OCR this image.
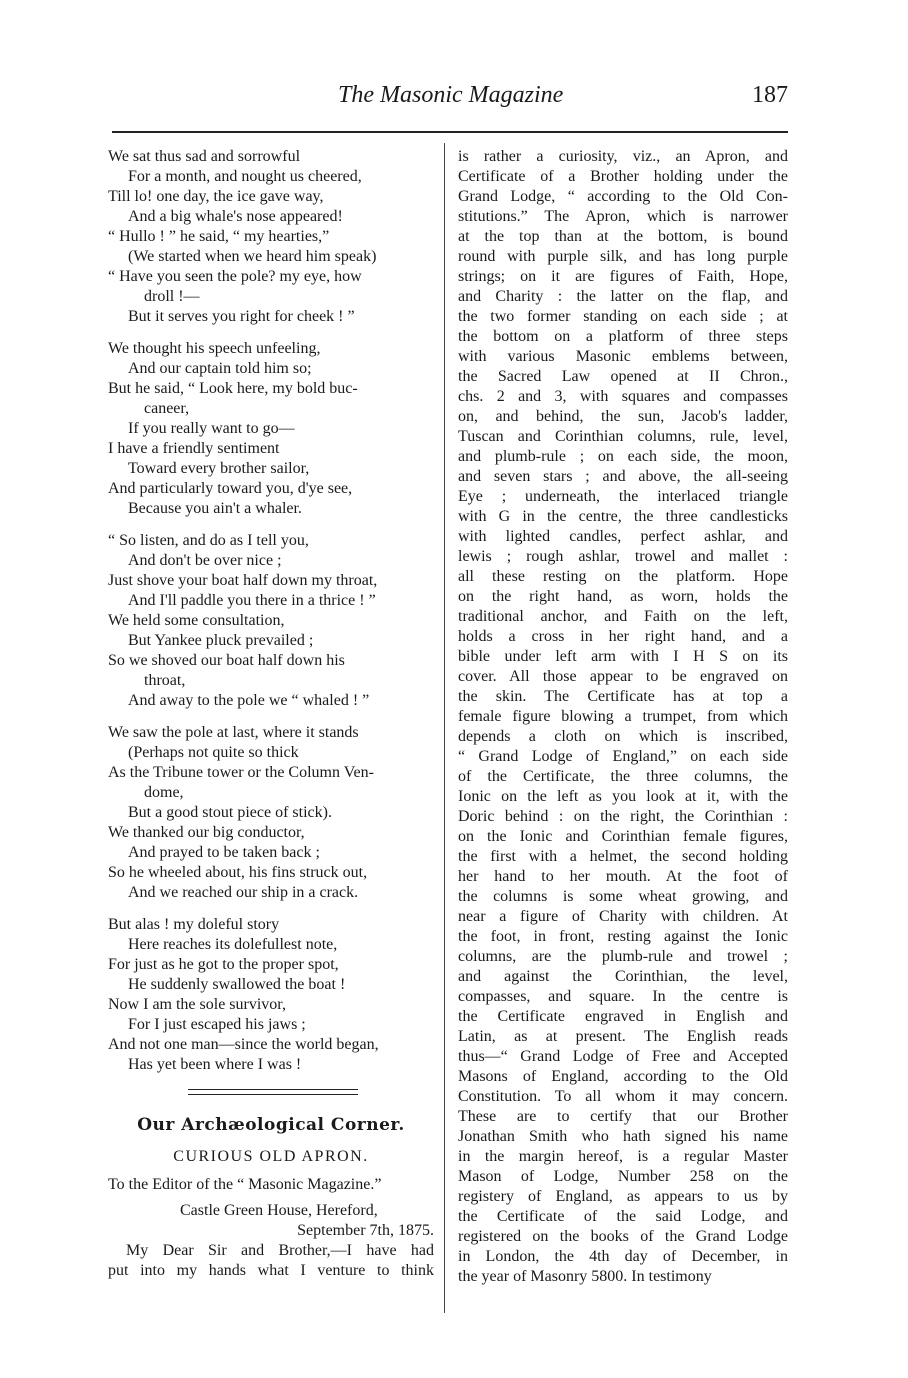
The Masonic Magazine	187
We sat thus sad and sorrowful
For a month, and nought us cheered,
Till lo! one day, the ice gave way,
And a big whale's nose appeared!
“ Hullo ! ” he said, “ my hearties,”
(We started when we heard him speak)
“ Have you seen the pole? my eye, how
droll !—
But it serves you right for cheek ! ”
We thought his speech unfeeling,
And our captain told him so;
But he said, “ Look here, my bold buc-
caneer,
If you really want to go—
I have a friendly sentiment
Toward every brother sailor,
And particularly toward you, d'ye see,
Because you ain't a whaler.
“ So listen, and do as I tell you,
And don't be over nice ;
Just shove your boat half down my throat,
And I'll paddle you there in a thrice ! ”
We held some consultation,
But Yankee pluck prevailed ;
So we shoved our boat half down his
throat,
And away to the pole we “ whaled ! ”
We saw the pole at last, where it stands
(Perhaps not quite so thick
As the Tribune tower or the Column Ven-
dome,
But a good stout piece of stick).
We thanked our big conductor,
And prayed to be taken back ;
So he wheeled about, his fins struck out,
And we reached our ship in a crack.
But alas ! my doleful story
Here reaches its dolefullest note,
For just as he got to the proper spot,
He suddenly swallowed the boat !
Now I am the sole survivor,
For I just escaped his jaws ;
And not one man—since the world began,
Has yet been where I was !
Our Archæological Corner.
CURIOUS OLD APRON.
To the Editor of the “ Masonic Magazine.”
Castle Green House, Hereford,
September 7th, 1875.
My Dear Sir and Brother,—I have had
put into my hands what I venture to think
is rather a curiosity, viz., an Apron, and
Certificate of a Brother holding under the
Grand Lodge, “ according to the Old Con-
stitutions.” The Apron, which is narrower
at the top than at the bottom, is bound
round with purple silk, and has long purple
strings; on it are figures of Faith, Hope,
and Charity : the latter on the flap, and
the two former standing on each side ; at
the bottom on a platform of three steps
with various Masonic emblems between,
the Sacred Law opened at II Chron.,
chs. 2 and 3, with squares and compasses
on, and behind, the sun, Jacob's ladder,
Tuscan and Corinthian columns, rule, level,
and plumb-rule ; on each side, the moon,
and seven stars ; and above, the all-seeing
Eye ; underneath, the interlaced triangle
with G in the centre, the three candlesticks
with lighted candles, perfect ashlar, and
lewis ; rough ashlar, trowel and mallet :
all these resting on the platform. Hope
on the right hand, as worn, holds the
traditional anchor, and Faith on the left,
holds a cross in her right hand, and a
bible under left arm with I H S on its
cover. All those appear to be engraved on
the skin. The Certificate has at top a
female figure blowing a trumpet, from which
depends a cloth on which is inscribed,
“ Grand Lodge of England,” on each side
of the Certificate, the three columns, the
Ionic on the left as you look at it, with the
Doric behind : on the right, the Corinthian :
on the Ionic and Corinthian female figures,
the first with a helmet, the second holding
her hand to her mouth. At the foot of
the columns is some wheat growing, and
near a figure of Charity with children. At
the foot, in front, resting against the Ionic
columns, are the plumb-rule and trowel ;
and against the Corinthian, the level,
compasses, and square. In the centre is
the Certificate engraved in English and
Latin, as at present. The English reads
thus—“ Grand Lodge of Free and Accepted
Masons of England, according to the Old
Constitution. To all whom it may concern.
These are to certify that our Brother
Jonathan Smith who hath signed his name
in the margin hereof, is a regular Master
Mason of Lodge, Number 258 on the
registery of England, as appears to us by
the Certificate of the said Lodge, and
registered on the books of the Grand Lodge
in London, the 4th day of December, in
the year of Masonry 5800. In testimony
